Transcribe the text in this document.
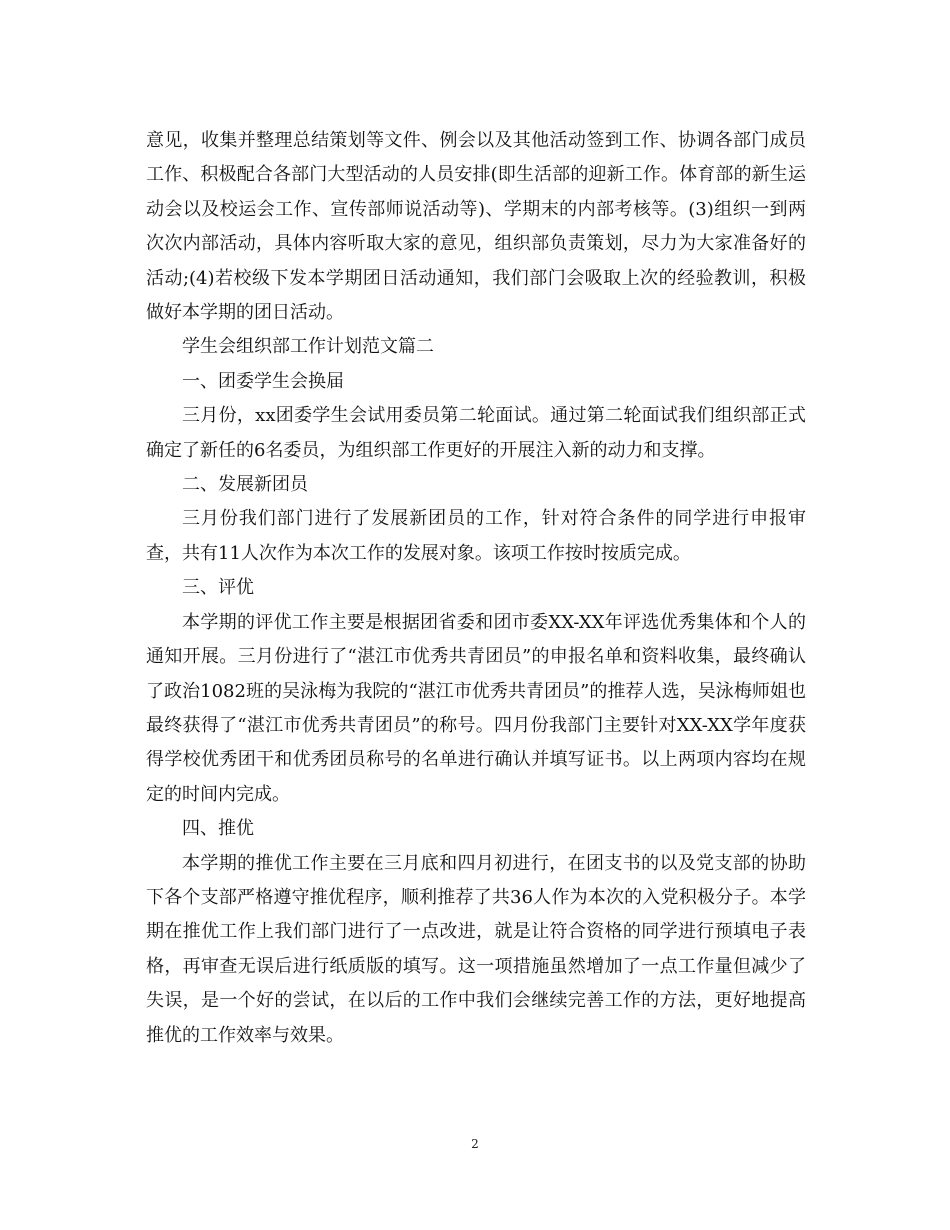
意见，收集并整理总结策划等文件、例会以及其他活动签到工作、协调各部门成员工作、积极配合各部门大型活动的人员安排(即生活部的迎新工作。体育部的新生运动会以及校运会工作、宣传部师说活动等)、学期末的内部考核等。(3)组织一到两次次内部活动，具体内容听取大家的意见，组织部负责策划，尽力为大家准备好的活动;(4)若校级下发本学期团日活动通知，我们部门会吸取上次的经验教训，积极做好本学期的团日活动。

学生会组织部工作计划范文篇二

一、团委学生会换届

三月份，xx团委学生会试用委员第二轮面试。通过第二轮面试我们组织部正式确定了新任的6名委员，为组织部工作更好的开展注入新的动力和支撑。

二、发展新团员

三月份我们部门进行了发展新团员的工作，针对符合条件的同学进行申报审查，共有11人次作为本次工作的发展对象。该项工作按时按质完成。

三、评优

本学期的评优工作主要是根据团省委和团市委XX-XX年评选优秀集体和个人的通知开展。三月份进行了“湛江市优秀共青团员”的申报名单和资料收集，最终确认了政治1082班的吴泳梅为我院的“湛江市优秀共青团员”的推荐人选，吴泳梅师姐也最终获得了“湛江市优秀共青团员”的称号。四月份我部门主要针对XX-XX学年度获得学校优秀团干和优秀团员称号的名单进行确认并填写证书。以上两项内容均在规定的时间内完成。

四、推优

本学期的推优工作主要在三月底和四月初进行，在团支书的以及党支部的协助下各个支部严格遵守推优程序，顺利推荐了共36人作为本次的入党积极分子。本学期在推优工作上我们部门进行了一点改进，就是让符合资格的同学进行预填电子表格，再审查无误后进行纸质版的填写。这一项措施虽然增加了一点工作量但减少了失误，是一个好的尝试，在以后的工作中我们会继续完善工作的方法，更好地提高推优的工作效率与效果。

2
